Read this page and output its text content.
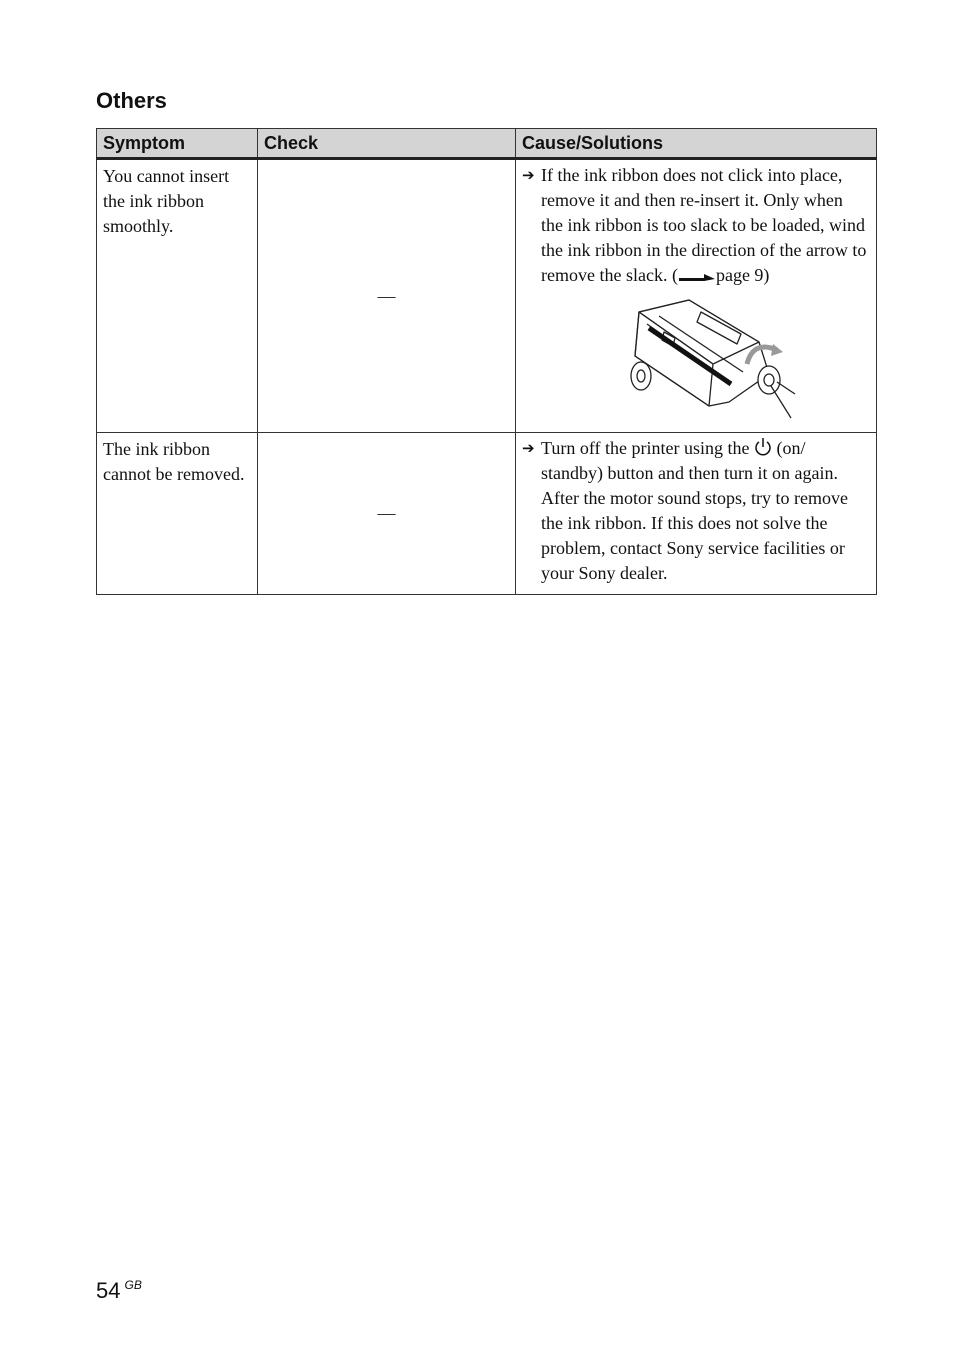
Others
Symptom	Check	Cause/Solutions
You cannot insert the ink ribbon smoothly.	—	➔ If the ink ribbon does not click into place, remove it and then re-insert it. Only when the ink ribbon is too slack to be loaded, wind the ink ribbon in the direction of the arrow to remove the slack. ( page 9)

The ink ribbon cannot be removed.	—	➔ Turn off the printer using the (on/ standby) button and then turn it on again. After the motor sound stops, try to remove the ink ribbon. If this does not solve the problem, contact Sony service facilities or your Sony dealer.
54 $^{GB}$
